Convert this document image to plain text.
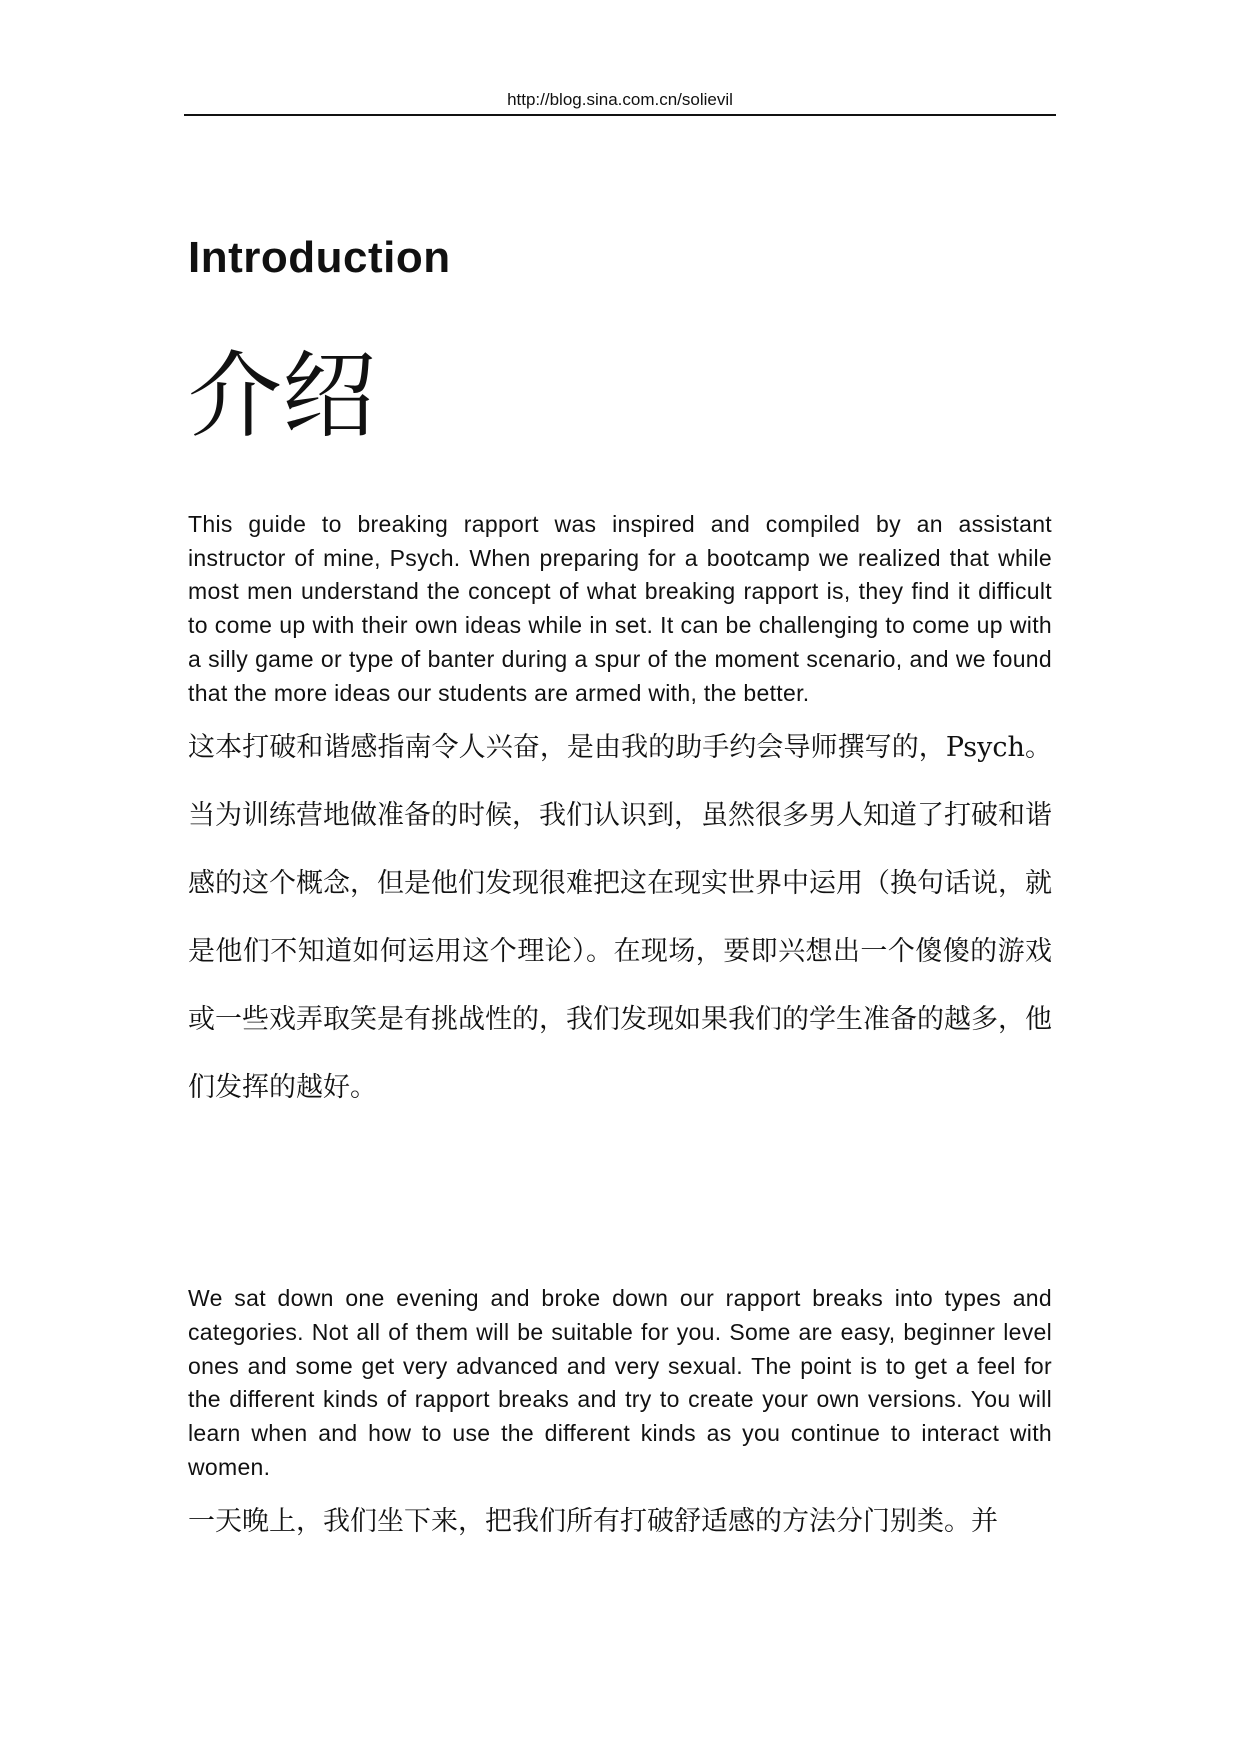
http://blog.sina.com.cn/solievil
Introduction
介绍

This guide to breaking rapport was inspired and compiled by an assistant instructor of mine, Psych. When preparing for a bootcamp we realized that while most men understand the concept of what breaking rapport is, they find it difficult to come up with their own ideas while in set. It can be challenging to come up with a silly game or type of banter during a spur of the moment scenario, and we found that the more ideas our students are armed with, the better.

这本打破和谐感指南令人兴奋，是由我的助手约会导师撰写的，Psych。 当为训练营地做准备的时候，我们认识到，虽然很多男人知道了打破和谐感的这个概念，但是他们发现很难把这在现实世界中运用（换句话说，就是他们不知道如何运用这个理论）。在现场，要即兴想出一个傻傻的游戏或一些戏弄取笑是有挑战性的，我们发现如果我们的学生准备的越多，他们发挥的越好。

We sat down one evening and broke down our rapport breaks into types and categories. Not all of them will be suitable for you. Some are easy, beginner level ones and some get very advanced and very sexual. The point is to get a feel for the different kinds of rapport breaks and try to create your own versions. You will learn when and how to use the different kinds as you continue to interact with women.

一天晚上，我们坐下来，把我们所有打破舒适感的方法分门别类。并
